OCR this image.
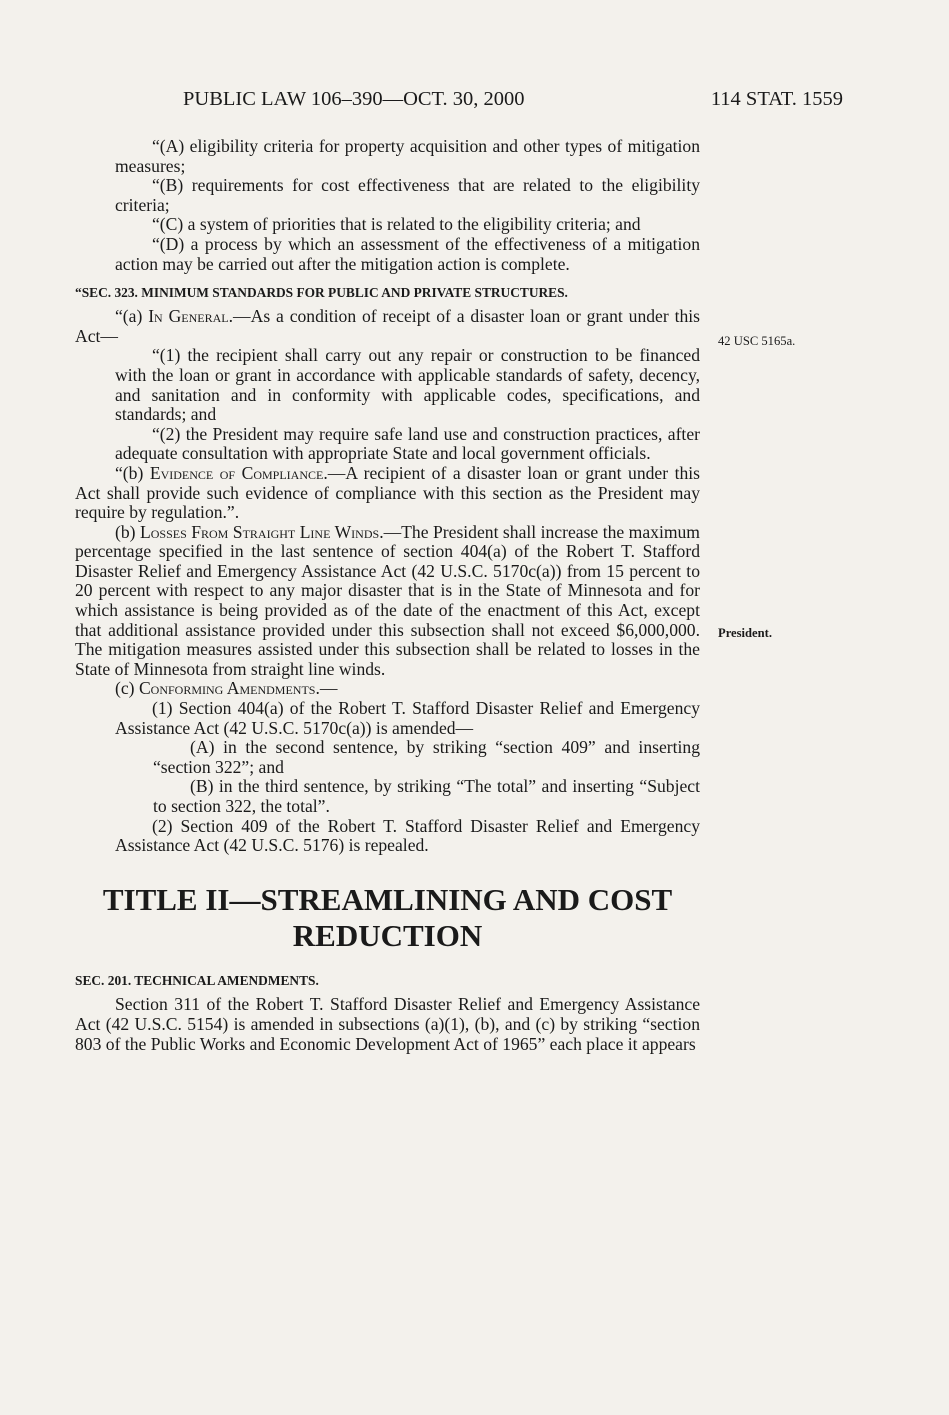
PUBLIC LAW 106–390—OCT. 30, 2000	114 STAT. 1559
42 USC 5165a.
President.

“(A) eligibility criteria for property acquisition and other types of mitigation measures;

“(B) requirements for cost effectiveness that are related to the eligibility criteria;

“(C) a system of priorities that is related to the eligibility criteria; and

“(D) a process by which an assessment of the effectiveness of a mitigation action may be carried out after the mitigation action is complete.

“SEC. 323. MINIMUM STANDARDS FOR PUBLIC AND PRIVATE STRUCTURES.

“(a) In General.—As a condition of receipt of a disaster loan or grant under this Act—

“(1) the recipient shall carry out any repair or construction to be financed with the loan or grant in accordance with applicable standards of safety, decency, and sanitation and in conformity with applicable codes, specifications, and standards; and

“(2) the President may require safe land use and construction practices, after adequate consultation with appropriate State and local government officials.

“(b) Evidence of Compliance.—A recipient of a disaster loan or grant under this Act shall provide such evidence of compliance with this section as the President may require by regulation.”.

(b) Losses From Straight Line Winds.—The President shall increase the maximum percentage specified in the last sentence of section 404(a) of the Robert T. Stafford Disaster Relief and Emergency Assistance Act (42 U.S.C. 5170c(a)) from 15 percent to 20 percent with respect to any major disaster that is in the State of Minnesota and for which assistance is being provided as of the date of the enactment of this Act, except that additional assistance provided under this subsection shall not exceed $6,000,000. The mitigation measures assisted under this subsection shall be related to losses in the State of Minnesota from straight line winds.

(c) Conforming Amendments.—

(1) Section 404(a) of the Robert T. Stafford Disaster Relief and Emergency Assistance Act (42 U.S.C. 5170c(a)) is amended—

(A) in the second sentence, by striking “section 409” and inserting “section 322”; and

(B) in the third sentence, by striking “The total” and inserting “Subject to section 322, the total”.

(2) Section 409 of the Robert T. Stafford Disaster Relief and Emergency Assistance Act (42 U.S.C. 5176) is repealed.

TITLE II—STREAMLINING AND COST
REDUCTION

SEC. 201. TECHNICAL AMENDMENTS.

Section 311 of the Robert T. Stafford Disaster Relief and Emergency Assistance Act (42 U.S.C. 5154) is amended in subsections (a)(1), (b), and (c) by striking “section 803 of the Public Works and Economic Development Act of 1965” each place it appears
